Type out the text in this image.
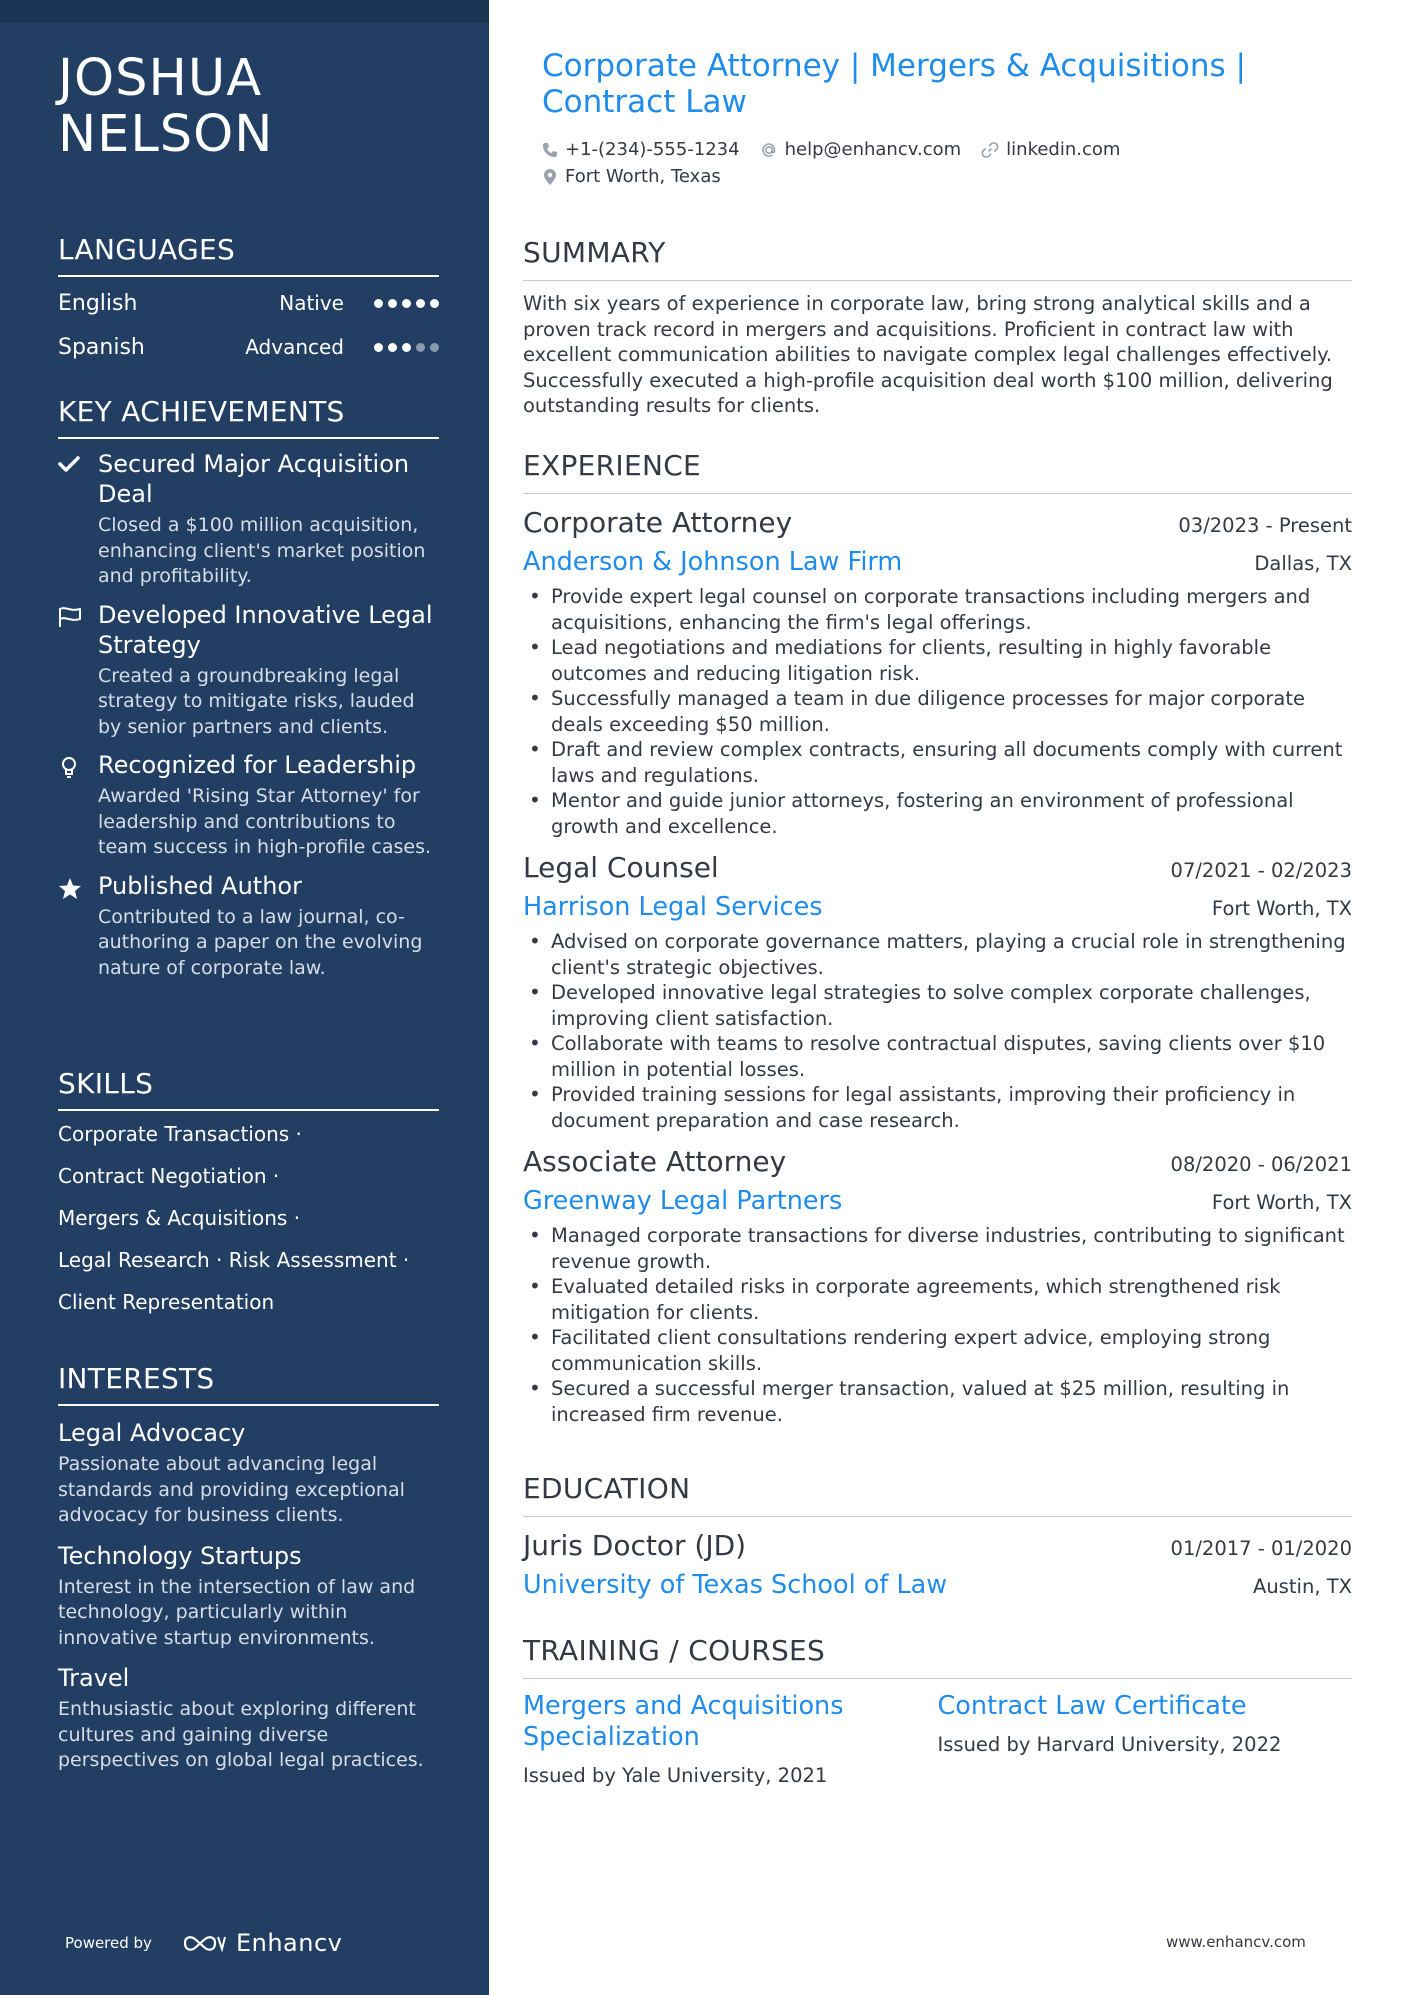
JOSHUA
NELSON
LANGUAGES
English	Native
Spanish	Advanced
KEY ACHIEVEMENTS
Secured Major Acquisition Deal
Closed a $100 million acquisition, enhancing client's market position and profitability.
Developed Innovative Legal Strategy
Created a groundbreaking legal strategy to mitigate risks, lauded by senior partners and clients.
Recognized for Leadership
Awarded 'Rising Star Attorney' for leadership and contributions to team success in high-profile cases.
Published Author
Contributed to a law journal, co-authoring a paper on the evolving nature of corporate law.
SKILLS
Corporate Transactions ·
Contract Negotiation ·
Mergers & Acquisitions ·
Legal Research · Risk Assessment ·
Client Representation
INTERESTS
Legal Advocacy
Passionate about advancing legal standards and providing exceptional advocacy for business clients.
Technology Startups
Interest in the intersection of law and technology, particularly within innovative startup environments.
Travel
Enthusiastic about exploring different cultures and gaining diverse perspectives on global legal practices.
Powered by	Enhancv
Corporate Attorney | Mergers & Acquisitions | Contract Law
+1-(234)-555-1234	help@enhancv.com	linkedin.com
Fort Worth, Texas
SUMMARY
With six years of experience in corporate law, bring strong analytical skills and a proven track record in mergers and acquisitions. Proficient in contract law with excellent communication abilities to navigate complex legal challenges effectively. Successfully executed a high-profile acquisition deal worth $100 million, delivering outstanding results for clients.
EXPERIENCE
Corporate Attorney	03/2023 - Present
Anderson & Johnson Law Firm	Dallas, TX
• Provide expert legal counsel on corporate transactions including mergers and acquisitions, enhancing the firm's legal offerings.
• Lead negotiations and mediations for clients, resulting in highly favorable outcomes and reducing litigation risk.
• Successfully managed a team in due diligence processes for major corporate deals exceeding $50 million.
• Draft and review complex contracts, ensuring all documents comply with current laws and regulations.
• Mentor and guide junior attorneys, fostering an environment of professional growth and excellence.
Legal Counsel	07/2021 - 02/2023
Harrison Legal Services	Fort Worth, TX
• Advised on corporate governance matters, playing a crucial role in strengthening client's strategic objectives.
• Developed innovative legal strategies to solve complex corporate challenges, improving client satisfaction.
• Collaborate with teams to resolve contractual disputes, saving clients over $10 million in potential losses.
• Provided training sessions for legal assistants, improving their proficiency in document preparation and case research.
Associate Attorney	08/2020 - 06/2021
Greenway Legal Partners	Fort Worth, TX
• Managed corporate transactions for diverse industries, contributing to significant revenue growth.
• Evaluated detailed risks in corporate agreements, which strengthened risk mitigation for clients.
• Facilitated client consultations rendering expert advice, employing strong communication skills.
• Secured a successful merger transaction, valued at $25 million, resulting in increased firm revenue.
EDUCATION
Juris Doctor (JD)	01/2017 - 01/2020
University of Texas School of Law	Austin, TX
TRAINING / COURSES
Mergers and Acquisitions Specialization
Issued by Yale University, 2021
Contract Law Certificate
Issued by Harvard University, 2022
www.enhancv.com
